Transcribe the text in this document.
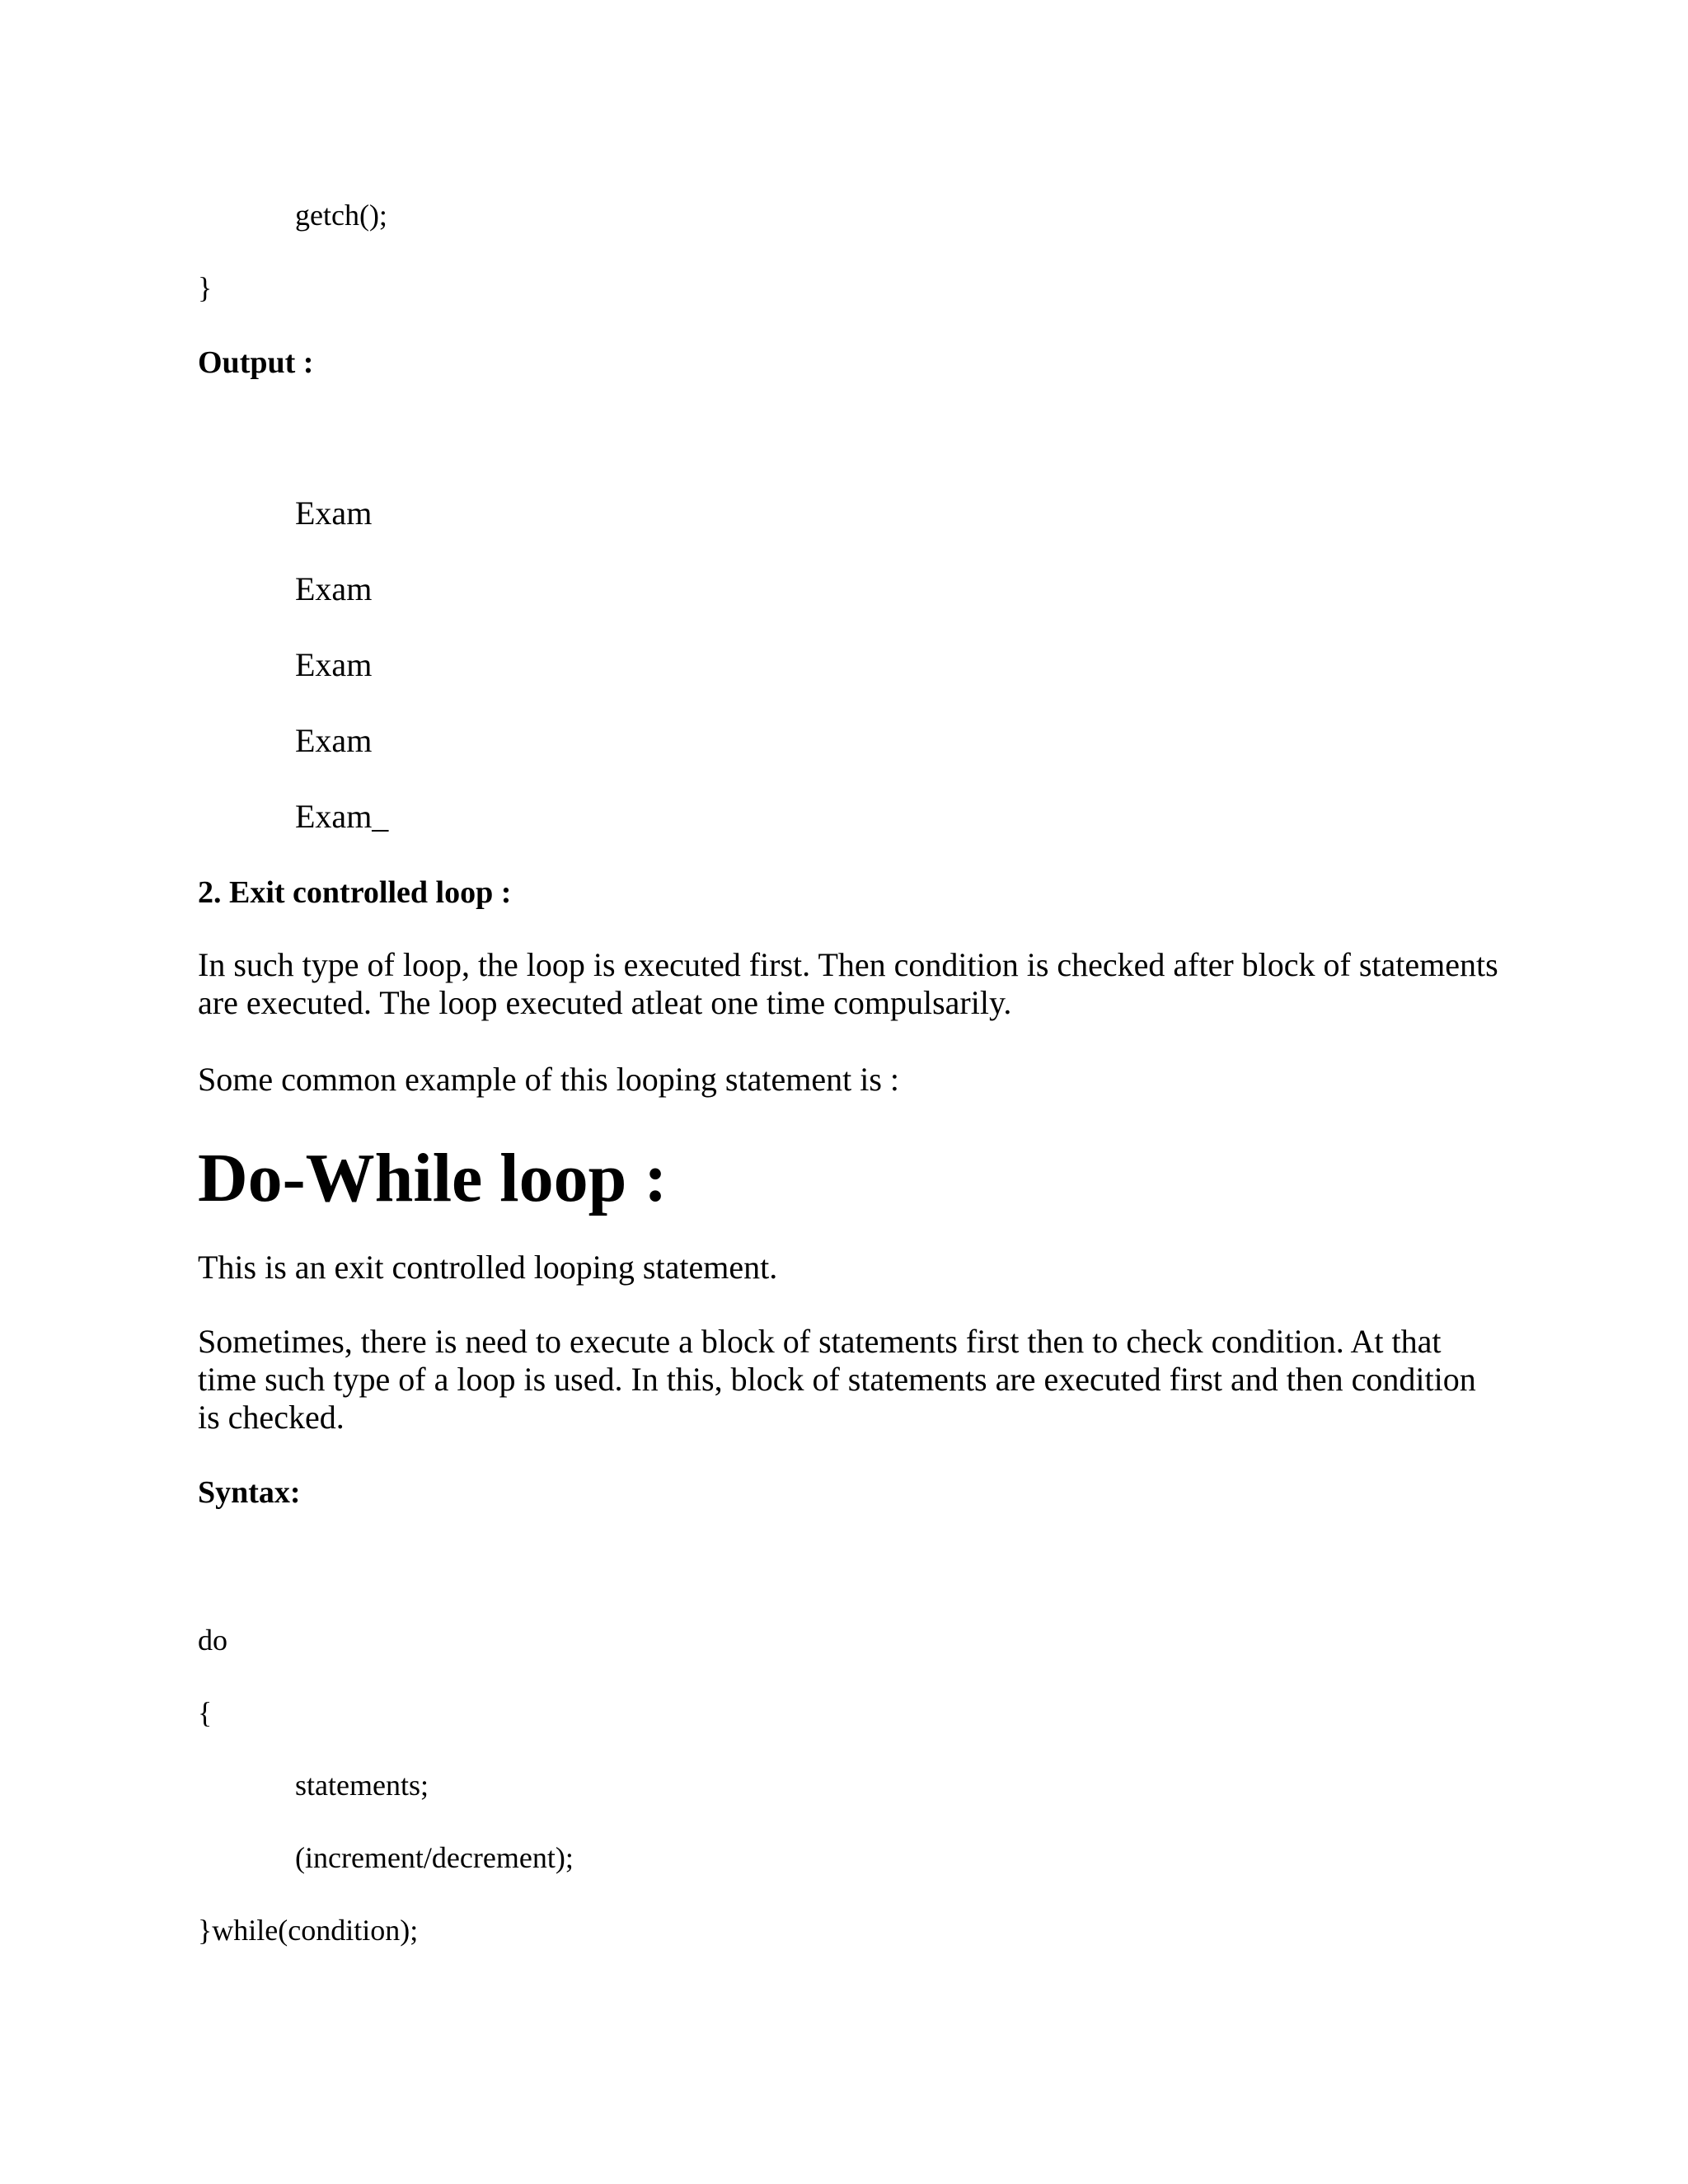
getch();
}
Output :
Exam
Exam
Exam
Exam
Exam_
2. Exit controlled loop :
In such type of loop, the loop is executed first. Then condition is checked after block of statements are executed. The loop executed atleat one time compulsarily.
Some common example of this looping statement is :
Do-While loop :
This is an exit controlled looping statement.
Sometimes, there is need to execute a block of statements first then to check condition. At that time such type of a loop is used. In this, block of statements are executed first and then condition is checked.
Syntax:
do
{
statements;
(increment/decrement);
}while(condition);
